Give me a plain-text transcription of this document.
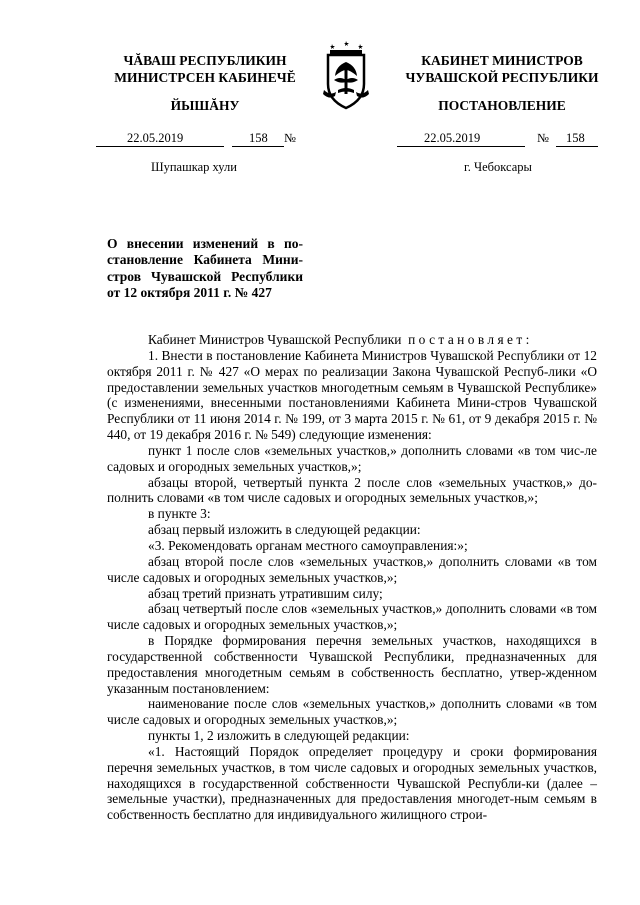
ЧĂВАШ РЕСПУБЛИКИН
МИНИСТРСЕН КАБИНЕЧĔ
ЙЫШĂНУ
22.05.2019	158 №
Шупашкар хули
КАБИНЕТ МИНИСТРОВ
ЧУВАШСКОЙ РЕСПУБЛИКИ
ПОСТАНОВЛЕНИЕ
22.05.2019	№ 158
г. Чебоксары
О внесении изменений в по-
становление Кабинета Мини-
стров Чувашской Республики
от 12 октября 2011 г. № 427

Кабинет Министров Чувашской Республики постановляет:

1. Внести в постановление Кабинета Министров Чувашской Республики от 12 октября 2011 г. № 427 «О мерах по реализации Закона Чувашской Респуб-лики «О предоставлении земельных участков многодетным семьям в Чувашской Республике» (с изменениями, внесенными постановлениями Кабинета Мини-стров Чувашской Республики от 11 июня 2014 г. № 199, от 3 марта 2015 г. № 61, от 9 декабря 2015 г. № 440, от 19 декабря 2016 г. № 549) следующие изменения:

пункт 1 после слов «земельных участков,» дополнить словами «в том чис-ле садовых и огородных земельных участков,»;

абзацы второй, четвертый пункта 2 после слов «земельных участков,» до-полнить словами «в том числе садовых и огородных земельных участков,»;

в пункте 3:

абзац первый изложить в следующей редакции:

«3. Рекомендовать органам местного самоуправления:»;

абзац второй после слов «земельных участков,» дополнить словами «в том числе садовых и огородных земельных участков,»;

абзац третий признать утратившим силу;

абзац четвертый после слов «земельных участков,» дополнить словами «в том числе садовых и огородных земельных участков,»;

в Порядке формирования перечня земельных участков, находящихся в государственной собственности Чувашской Республики, предназначенных для предоставления многодетным семьям в собственность бесплатно, утвер-жденном указанным постановлением:

наименование после слов «земельных участков,» дополнить словами «в том числе садовых и огородных земельных участков,»;

пункты 1, 2 изложить в следующей редакции:

«1. Настоящий Порядок определяет процедуру и сроки формирования перечня земельных участков, в том числе садовых и огородных земельных участков, находящихся в государственной собственности Чувашской Республи-ки (далее – земельные участки), предназначенных для предоставления многодет-ным семьям в собственность бесплатно для индивидуального жилищного строи-
